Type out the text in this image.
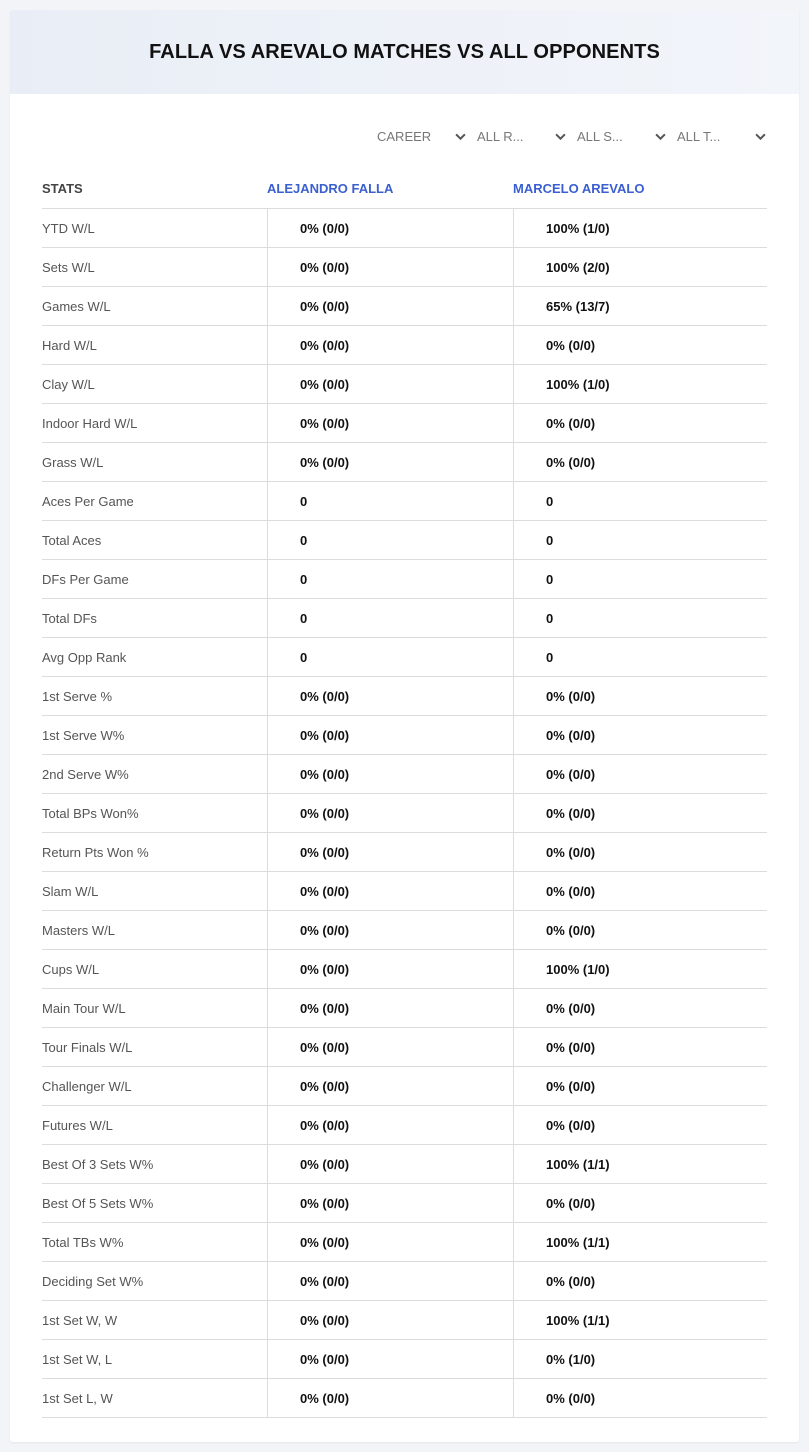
FALLA VS AREVALO MATCHES VS ALL OPPONENTS
CAREER	ALL R...	ALL S...	ALL T...
STATS	ALEJANDRO FALLA	MARCELO AREVALO
YTD W/L	0% (0/0)	100% (1/0)
Sets W/L	0% (0/0)	100% (2/0)
Games W/L	0% (0/0)	65% (13/7)
Hard W/L	0% (0/0)	0% (0/0)
Clay W/L	0% (0/0)	100% (1/0)
Indoor Hard W/L	0% (0/0)	0% (0/0)
Grass W/L	0% (0/0)	0% (0/0)
Aces Per Game	0	0
Total Aces	0	0
DFs Per Game	0	0
Total DFs	0	0
Avg Opp Rank	0	0
1st Serve %	0% (0/0)	0% (0/0)
1st Serve W%	0% (0/0)	0% (0/0)
2nd Serve W%	0% (0/0)	0% (0/0)
Total BPs Won%	0% (0/0)	0% (0/0)
Return Pts Won %	0% (0/0)	0% (0/0)
Slam W/L	0% (0/0)	0% (0/0)
Masters W/L	0% (0/0)	0% (0/0)
Cups W/L	0% (0/0)	100% (1/0)
Main Tour W/L	0% (0/0)	0% (0/0)
Tour Finals W/L	0% (0/0)	0% (0/0)
Challenger W/L	0% (0/0)	0% (0/0)
Futures W/L	0% (0/0)	0% (0/0)
Best Of 3 Sets W%	0% (0/0)	100% (1/1)
Best Of 5 Sets W%	0% (0/0)	0% (0/0)
Total TBs W%	0% (0/0)	100% (1/1)
Deciding Set W%	0% (0/0)	0% (0/0)
1st Set W, W	0% (0/0)	100% (1/1)
1st Set W, L	0% (0/0)	0% (1/0)
1st Set L, W	0% (0/0)	0% (0/0)
